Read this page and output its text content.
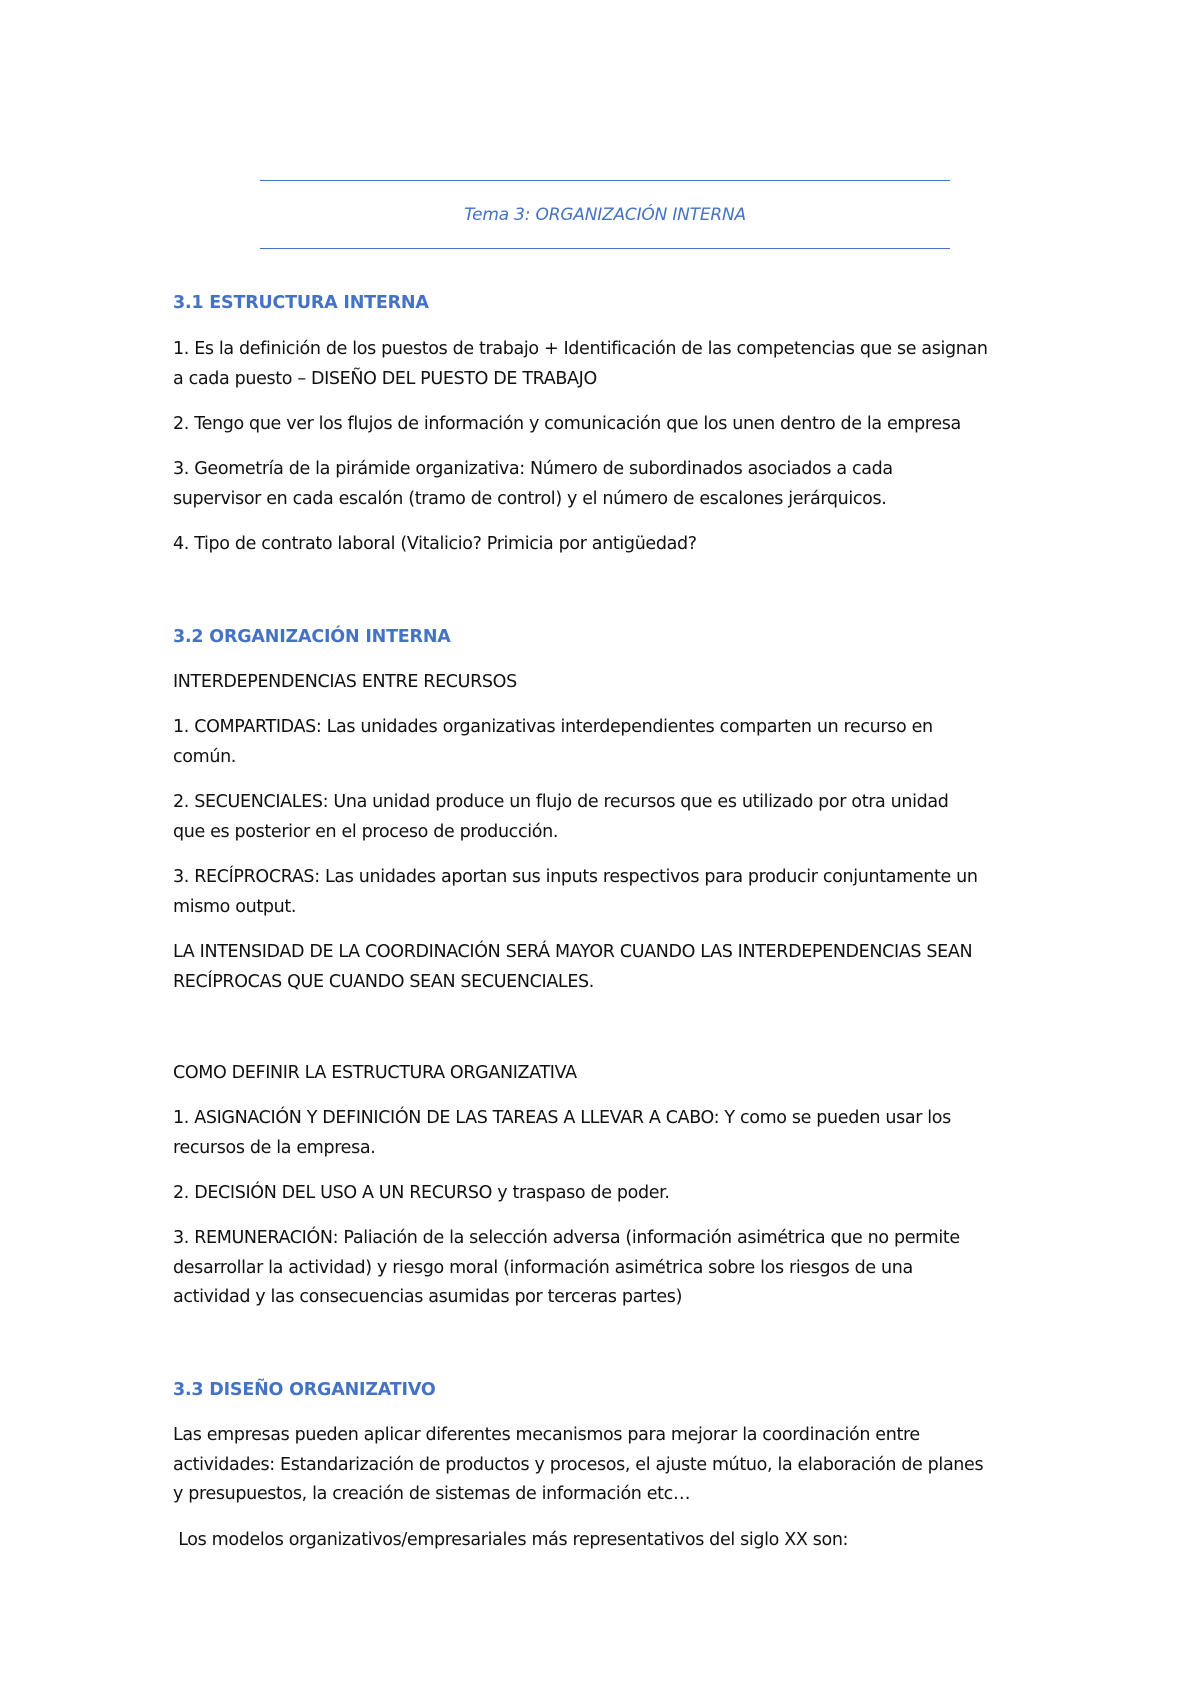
Tema 3: ORGANIZACIÓN INTERNA
3.1 ESTRUCTURA INTERNA
1. Es la definición de los puestos de trabajo + Identificación de las competencias que se asignan
a cada puesto – DISEÑO DEL PUESTO DE TRABAJO
2. Tengo que ver los flujos de información y comunicación que los unen dentro de la empresa
3. Geometría de la pirámide organizativa: Número de subordinados asociados a cada
supervisor en cada escalón (tramo de control) y el número de escalones jerárquicos.
4. Tipo de contrato laboral (Vitalicio? Primicia por antigüedad?
3.2 ORGANIZACIÓN INTERNA
INTERDEPENDENCIAS ENTRE RECURSOS
1. COMPARTIDAS: Las unidades organizativas interdependientes comparten un recurso en
común.
2. SECUENCIALES: Una unidad produce un flujo de recursos que es utilizado por otra unidad
que es posterior en el proceso de producción.
3. RECÍPROCRAS: Las unidades aportan sus inputs respectivos para producir conjuntamente un
mismo output.
LA INTENSIDAD DE LA COORDINACIÓN SERÁ MAYOR CUANDO LAS INTERDEPENDENCIAS SEAN
RECÍPROCAS QUE CUANDO SEAN SECUENCIALES.
COMO DEFINIR LA ESTRUCTURA ORGANIZATIVA
1. ASIGNACIÓN Y DEFINICIÓN DE LAS TAREAS A LLEVAR A CABO: Y como se pueden usar los
recursos de la empresa.
2. DECISIÓN DEL USO A UN RECURSO y traspaso de poder.
3. REMUNERACIÓN: Paliación de la selección adversa (información asimétrica que no permite
desarrollar la actividad) y riesgo moral (información asimétrica sobre los riesgos de una
actividad y las consecuencias asumidas por terceras partes)
3.3 DISEÑO ORGANIZATIVO
Las empresas pueden aplicar diferentes mecanismos para mejorar la coordinación entre
actividades: Estandarización de productos y procesos, el ajuste mútuo, la elaboración de planes
y presupuestos, la creación de sistemas de información etc…
Los modelos organizativos/empresariales más representativos del siglo XX son:
